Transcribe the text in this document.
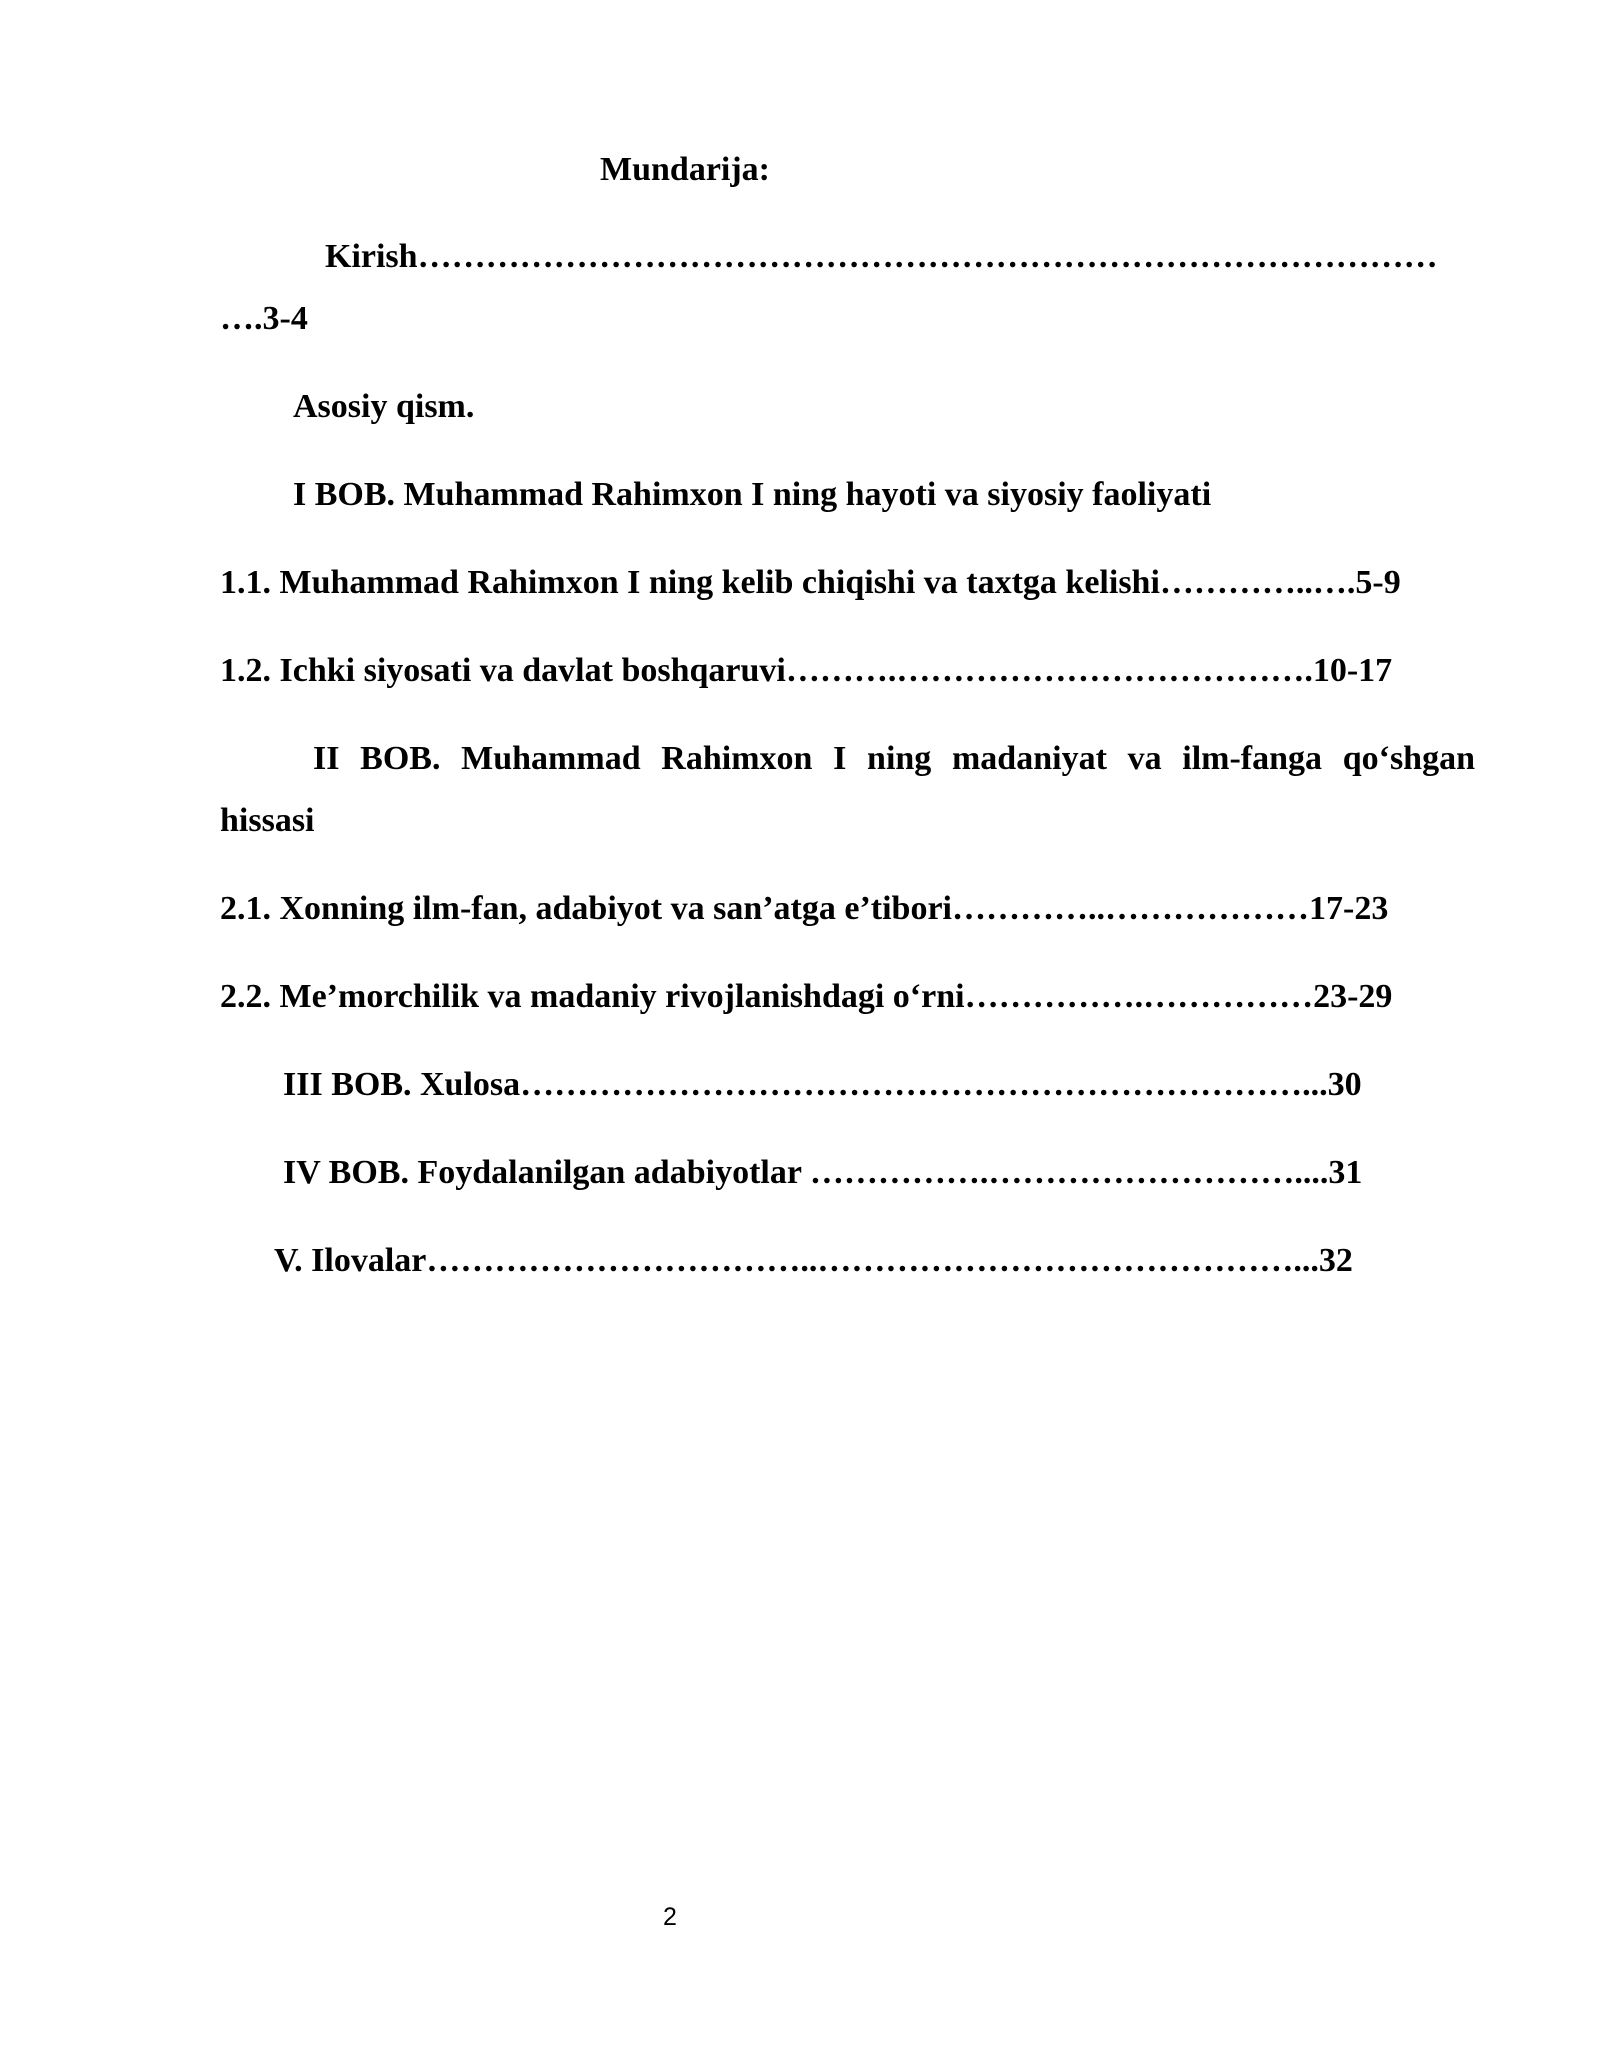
Mundarija:
Kirish………………………………………………………………………………
….3-4
Asosiy qism.
I BOB. Muhammad Rahimxon I ning hayoti va siyosiy faoliyati
1.1. Muhammad Rahimxon I ning kelib chiqishi va taxtga kelishi…………..….5-9
1.2. Ichki siyosati va davlat boshqaruvi……….……………………………….10-17
II BOB. Muhammad Rahimxon I ning madaniyat va ilm-fanga qo‘shgan
hissasi
2.1. Xonning ilm-fan, adabiyot va san’atga e’tibori…………..………………17-23
2.2. Me’morchilik va madaniy rivojlanishdagi o‘rni…………….……………23-29
III BOB. Xulosa……………………………………………………………...30
IV BOB. Foydalanilgan adabiyotlar …………….………………………....31
V. Ilovalar……………………………..……………………………………...32
2
